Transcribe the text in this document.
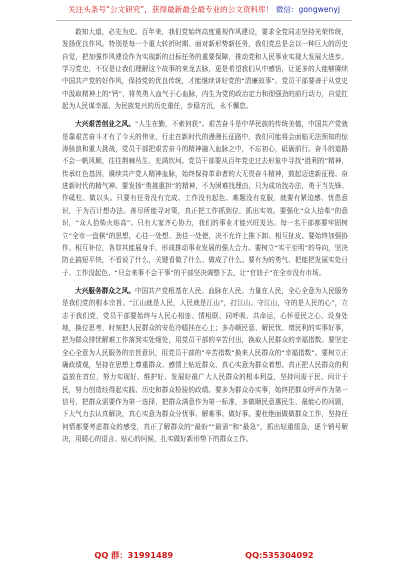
关注头条号“公文研究”，获得最新最全最专业的公文资料库！ 微信：gongwenyj

敢知大道，必先为史。百年来，我们党始终高度重视作风建设，要求全党同志坚持光荣传统，发扬优良作风。特别是每一个重大转折时期、面对新形势新任务，我们党总是会以一种巨大的历史自觉，把加强作风建设作为实现新的目标任务的重要保障，推动党和人民事业实现大发展大进步。学习党史，不仅是让我们理解这个故事的来龙去脉，更是希望我们从中感悟，让更多的人能够赓续中国共产党的好作风，保持党的优良传统，才能继续讲好党的“清廉故事”。党员干部要善于从党史中汲取精神上的“钙”，将英勇入血气于心血脉，内生为党的政治定力和彻强劲的前行动力，自觉扛起为人民谋幸福、为民族复兴的历史重任，步稳方沉，永不懈怠。

大兴艰苦创业之风。“人生在勤，不索何获”。艰苦奋斗是中华民族的传统美德，中国共产党就是靠艰苦奋斗才有了今天的伟业，行走在新时代的漫漫长征路中，我们可能将会面临无法预知的惊涛骇浪和重大挑战，党员干部把艰苦奋斗的精神融入血脉之中，不忘初心，砥砺前行。奋斗的道路不会一帆风顺，往往荆棘丛生、充满坎坷。党员干部要从百年党史过去形象中寻找“胜利的”精神，传承红色基因，赓续共产党人精神血脉，始终保持革命者的大无畏奋斗精神，鼓起迈进新征程、奋进新时代的精气神。要发扬“勇挑重担”的精神，不为困难找理由，只为成功找办法，勇于当先锋、作砥柱、做以头。只要有任务没有完成、工作没有起色、难题没有克服，就要有紧迫感、忧患意识，干为百计想办法。善尽所能寻对策，真正把工作抓到位，抓出实效。要强化“众人拾柴”的意识，“众人拾柴火焰高”。只有大家齐心协力，我们的事业才能兴旺发达。每一名干部都要牢固树立“全市一盘棋”的思想，心往一处想、劲往一处使，决不允许上推下卸、相互扯皮。要始终加强协作、相互补位，各显其能展身手，形成推动事业发展的强大合力。要树立“实干至明”的导向，坚决防止搞短平快，不看说了什么，关键看做了什么、做成了什么。要有为的勇气、把能把发展实处日子、工作没起色、“只会来事不会干事”的干部坚决调整下去，让“官油子”在全市没有市场。

大兴服务群众之风。中国共产党根基在人民、血脉在人民、力量在人民，全心全意为人民服务是我们党的根本宗旨。“江山就是人民，人民就是江山”，打江山、守江山，守的是人民的心”，立志于我们党，党员干部要始终与人民心相连、情相联、同呼吸、共命运，心怀爱民之心、设身处地，换位思考，时刻把人民群众的安危冷暖挂在心上；多办顺民意、解民忧、增民利的实事好事，把为群众排忧解难工作落到实处细处，用党员干部的辛苦付出，换取人民群众的幸福指数。要坚定全心全意为人民服务的宗旨意识，用党员干部的“辛苦指数”换来人民群众的“幸福指数”。要树立正确政绩观，坚持在思想上尊重群众、感情上贴近群众、真心实意为群众着想。真正把人民群众的利益放在首位，努力实现好、维护好、发展好最广大人民群众的根本利益，坚持问需于民、问计于民，努力创造经得起实践、历史和群众检验的政绩。要多为群众办实事，始终把群众呼声作为第一信号，把群众需要作为第一选择，把群众满意作为第一标准，多做顺民意惠民生、最能心的问题，下大气力去认真解决，真心实意为群众分忧事、解难事、做好事。要杜绝面做做群众工作，坚持任何情都要考虑群众的感受，真正了解群众的“最盼”“最需”和“最急”，抓出轻重缓急，逐个销号解决，用暖心的语言、贴心的问候，扎实做好新形势下的群众工作。

QQ 群：31991489	QQ:535304092
